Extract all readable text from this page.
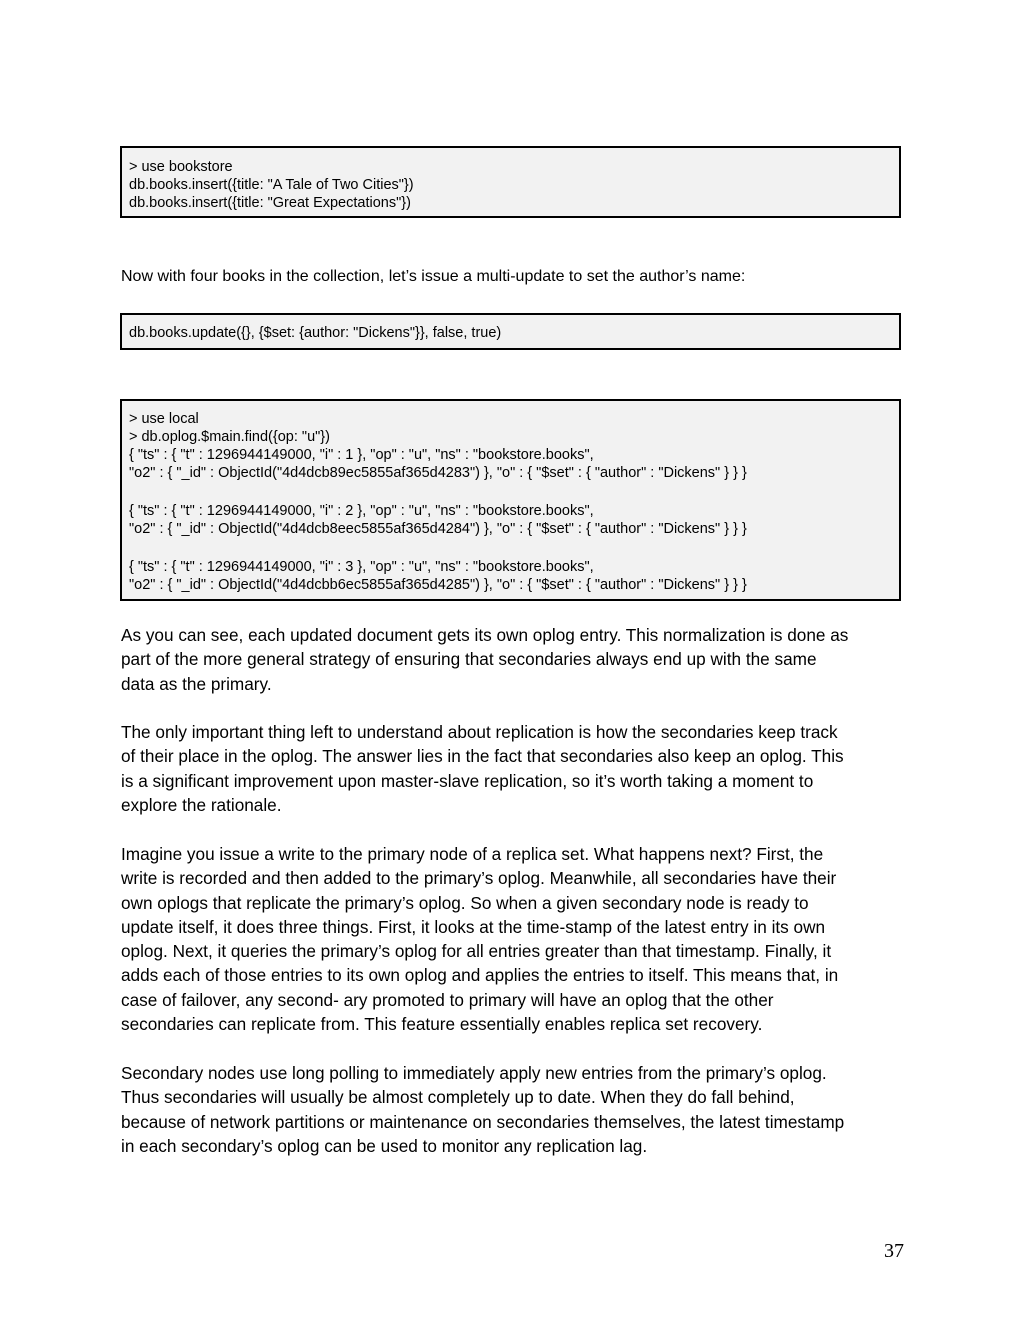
> use bookstore
db.books.insert({title: "A Tale of Two Cities"})
db.books.insert({title: "Great Expectations"})

Now with four books in the collection, let’s issue a multi-update to set the author’s name:

db.books.update({}, {$set: {author: "Dickens"}}, false, true)
> use local
> db.oplog.$main.find({op: "u"})
{ "ts" : { "t" : 1296944149000, "i" : 1 }, "op" : "u", "ns" : "bookstore.books",
"o2" : { "_id" : ObjectId("4d4dcb89ec5855af365d4283") }, "o" : { "$set" : { "author" : "Dickens" } } }
{ "ts" : { "t" : 1296944149000, "i" : 2 }, "op" : "u", "ns" : "bookstore.books",
"o2" : { "_id" : ObjectId("4d4dcb8eec5855af365d4284") }, "o" : { "$set" : { "author" : "Dickens" } } }
{ "ts" : { "t" : 1296944149000, "i" : 3 }, "op" : "u", "ns" : "bookstore.books",
"o2" : { "_id" : ObjectId("4d4dcbb6ec5855af365d4285") }, "o" : { "$set" : { "author" : "Dickens" } } }

As you can see, each updated document gets its own oplog entry. This normalization is done as
part of the more general strategy of ensuring that secondaries always end up with the same
data as the primary.

The only important thing left to understand about replication is how the secondaries keep track
of their place in the oplog. The answer lies in the fact that secondaries also keep an oplog. This
is a significant improvement upon master-slave replication, so it’s worth taking a moment to
explore the rationale.

Imagine you issue a write to the primary node of a replica set. What happens next? First, the
write is recorded and then added to the primary’s oplog. Meanwhile, all secondaries have their
own oplogs that replicate the primary’s oplog. So when a given secondary node is ready to
update itself, it does three things. First, it looks at the time-stamp of the latest entry in its own
oplog. Next, it queries the primary’s oplog for all entries greater than that timestamp. Finally, it
adds each of those entries to its own oplog and applies the entries to itself. This means that, in
case of failover, any second- ary promoted to primary will have an oplog that the other
secondaries can replicate from. This feature essentially enables replica set recovery.

Secondary nodes use long polling to immediately apply new entries from the primary’s oplog.
Thus secondaries will usually be almost completely up to date. When they do fall behind,
because of network partitions or maintenance on secondaries themselves, the latest timestamp
in each secondary’s oplog can be used to monitor any replication lag.

37
